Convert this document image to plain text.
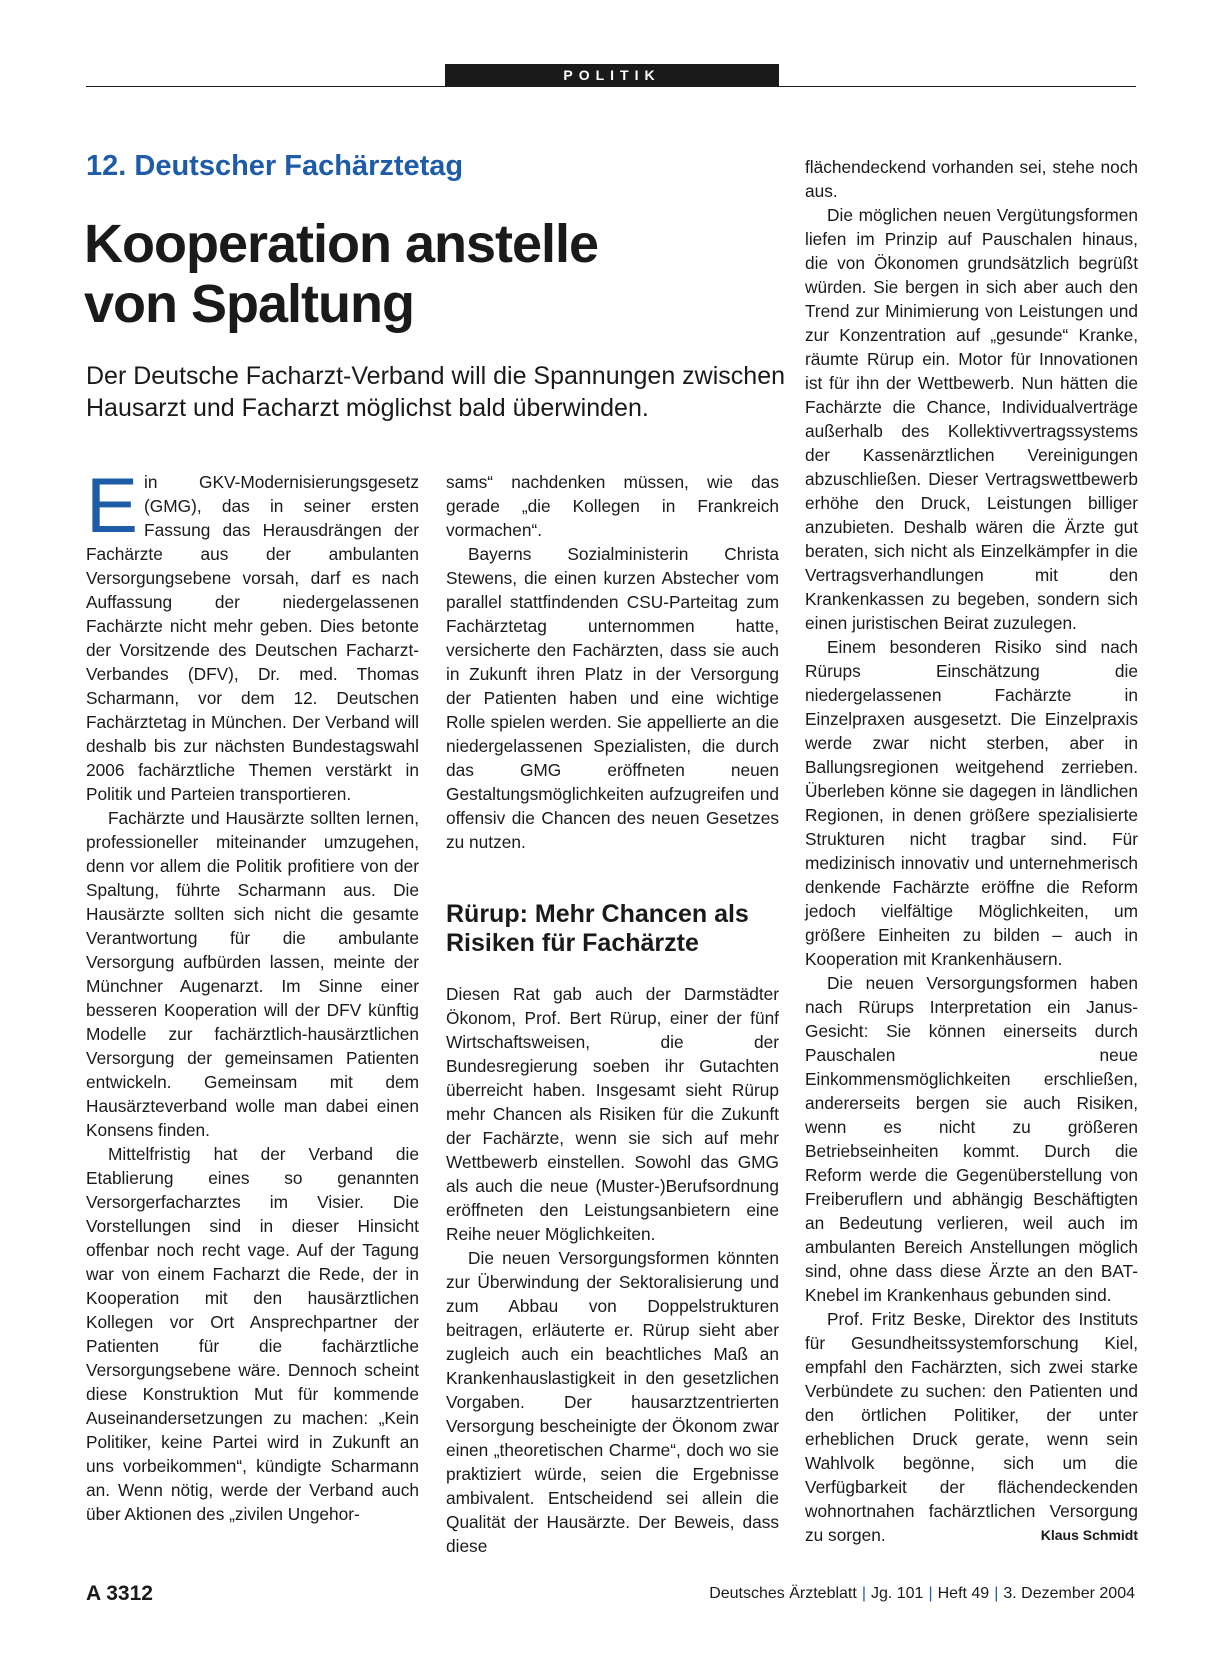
POLITIK
12. Deutscher Fachärztetag
Kooperation anstelle
von Spaltung
Der Deutsche Facharzt-Verband will die Spannungen zwischen Hausarzt und Facharzt möglichst bald überwinden.

Ein GKV-Modernisierungsgesetz (GMG), das in seiner ersten Fassung das Herausdrängen der Fachärzte aus der ambulanten Versorgungsebene vorsah, darf es nach Auffassung der niedergelassenen Fachärzte nicht mehr geben. Dies betonte der Vorsitzende des Deutschen Facharzt-Verbandes (DFV), Dr. med. Thomas Scharmann, vor dem 12. Deutschen Fachärztetag in München. Der Verband will deshalb bis zur nächsten Bundestagswahl 2006 fachärztliche Themen verstärkt in Politik und Parteien transportieren.

Fachärzte und Hausärzte sollten lernen, professioneller miteinander umzugehen, denn vor allem die Politik profitiere von der Spaltung, führte Scharmann aus. Die Hausärzte sollten sich nicht die gesamte Verantwortung für die ambulante Versorgung aufbürden lassen, meinte der Münchner Augenarzt. Im Sinne einer besseren Kooperation will der DFV künftig Modelle zur fachärztlich-hausärztlichen Versorgung der gemeinsamen Patienten entwickeln. Gemeinsam mit dem Hausärzteverband wolle man dabei einen Konsens finden.

Mittelfristig hat der Verband die Etablierung eines so genannten Versorgerfacharztes im Visier. Die Vorstellungen sind in dieser Hinsicht offenbar noch recht vage. Auf der Tagung war von einem Facharzt die Rede, der in Kooperation mit den hausärztlichen Kollegen vor Ort Ansprechpartner der Patienten für die fachärztliche Versorgungsebene wäre. Dennoch scheint diese Konstruktion Mut für kommende Auseinandersetzungen zu machen: „Kein Politiker, keine Partei wird in Zukunft an uns vorbeikommen“, kündigte Scharmann an. Wenn nötig, werde der Verband auch über Aktionen des „zivilen Ungehor-

sams“ nachdenken müssen, wie das gerade „die Kollegen in Frankreich vormachen“.

Bayerns Sozialministerin Christa Stewens, die einen kurzen Abstecher vom parallel stattfindenden CSU-Parteitag zum Fachärztetag unternommen hatte, versicherte den Fachärzten, dass sie auch in Zukunft ihren Platz in der Versorgung der Patienten haben und eine wichtige Rolle spielen werden. Sie appellierte an die niedergelassenen Spezialisten, die durch das GMG eröffneten neuen Gestaltungsmöglichkeiten aufzugreifen und offensiv die Chancen des neuen Gesetzes zu nutzen.

Rürup: Mehr Chancen als Risiken für Fachärzte

Diesen Rat gab auch der Darmstädter Ökonom, Prof. Bert Rürup, einer der fünf Wirtschaftsweisen, die der Bundesregierung soeben ihr Gutachten überreicht haben. Insgesamt sieht Rürup mehr Chancen als Risiken für die Zukunft der Fachärzte, wenn sie sich auf mehr Wettbewerb einstellen. Sowohl das GMG als auch die neue (Muster-)Berufsordnung eröffneten den Leistungsanbietern eine Reihe neuer Möglichkeiten.

Die neuen Versorgungsformen könnten zur Überwindung der Sektoralisierung und zum Abbau von Doppelstrukturen beitragen, erläuterte er. Rürup sieht aber zugleich auch ein beachtliches Maß an Krankenhauslastigkeit in den gesetzlichen Vorgaben. Der hausarztzentrierten Versorgung bescheinigte der Ökonom zwar einen „theoretischen Charme“, doch wo sie praktiziert würde, seien die Ergebnisse ambivalent. Entscheidend sei allein die Qualität der Hausärzte. Der Beweis, dass diese

flächendeckend vorhanden sei, stehe noch aus.

Die möglichen neuen Vergütungsformen liefen im Prinzip auf Pauschalen hinaus, die von Ökonomen grundsätzlich begrüßt würden. Sie bergen in sich aber auch den Trend zur Minimierung von Leistungen und zur Konzentration auf „gesunde“ Kranke, räumte Rürup ein. Motor für Innovationen ist für ihn der Wettbewerb. Nun hätten die Fachärzte die Chance, Individualverträge außerhalb des Kollektivvertragssystems der Kassenärztlichen Vereinigungen abzuschließen. Dieser Vertragswettbewerb erhöhe den Druck, Leistungen billiger anzubieten. Deshalb wären die Ärzte gut beraten, sich nicht als Einzelkämpfer in die Vertragsverhandlungen mit den Krankenkassen zu begeben, sondern sich einen juristischen Beirat zuzulegen.

Einem besonderen Risiko sind nach Rürups Einschätzung die niedergelassenen Fachärzte in Einzelpraxen ausgesetzt. Die Einzelpraxis werde zwar nicht sterben, aber in Ballungsregionen weitgehend zerrieben. Überleben könne sie dagegen in ländlichen Regionen, in denen größere spezialisierte Strukturen nicht tragbar sind. Für medizinisch innovativ und unternehmerisch denkende Fachärzte eröffne die Reform jedoch vielfältige Möglichkeiten, um größere Einheiten zu bilden – auch in Kooperation mit Krankenhäusern.

Die neuen Versorgungsformen haben nach Rürups Interpretation ein Janus-Gesicht: Sie können einerseits durch Pauschalen neue Einkommensmöglichkeiten erschließen, andererseits bergen sie auch Risiken, wenn es nicht zu größeren Betriebseinheiten kommt. Durch die Reform werde die Gegenüberstellung von Freiberuflern und abhängig Beschäftigten an Bedeutung verlieren, weil auch im ambulanten Bereich Anstellungen möglich sind, ohne dass diese Ärzte an den BAT-Knebel im Krankenhaus gebunden sind.

Prof. Fritz Beske, Direktor des Instituts für Gesundheitssystemforschung Kiel, empfahl den Fachärzten, sich zwei starke Verbündete zu suchen: den Patienten und den örtlichen Politiker, der unter erheblichen Druck gerate, wenn sein Wahlvolk begönne, sich um die Verfügbarkeit der flächendeckenden wohnortnahen fachärztlichen Versorgung zu sorgen.	Klaus Schmidt

A 3312	Deutsches Ärzteblatt | Jg. 101 | Heft 49 | 3. Dezember 2004
